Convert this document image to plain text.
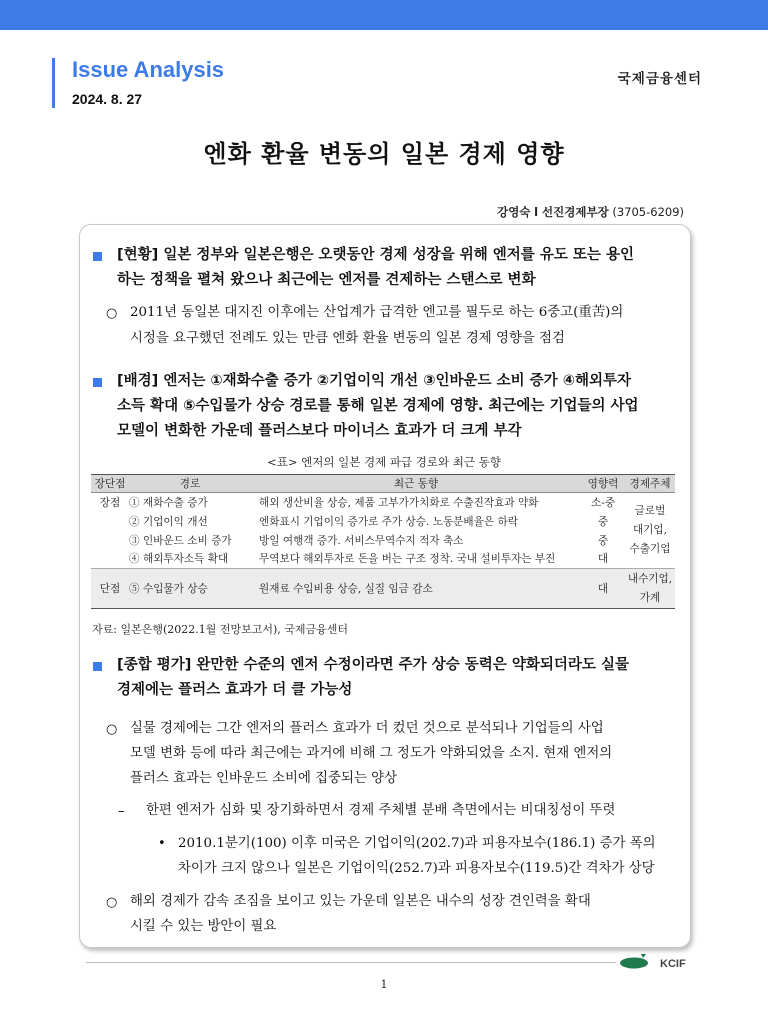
Issue Analysis
2024. 8. 27
국제금융센터
엔화 환율 변동의 일본 경제 영향
강영숙 l 선진경제부장 (3705-6209)
[현황] 일본 정부와 일본은행은 오랫동안 경제 성장을 위해 엔저를 유도 또는 용인
하는 정책을 펼쳐 왔으나 최근에는 엔저를 견제하는 스탠스로 변화
○ 2011년 동일본 대지진 이후에는 산업계가 급격한 엔고를 필두로 하는 6중고(重苦)의
시정을 요구했던 전례도 있는 만큼 엔화 환율 변동의 일본 경제 영향을 점검
[배경] 엔저는 ①재화수출 증가 ②기업이익 개선 ③인바운드 소비 증가 ④해외투자
소득 확대 ⑤수입물가 상승 경로를 통해 일본 경제에 영향. 최근에는 기업들의 사업
모델이 변화한 가운데 플러스보다 마이너스 효과가 더 크게 부각
<표> 엔저의 일본 경제 파급 경로와 최근 동향
장단점	경로	최근 동향	영향력	경제주체
장점	① 재화수출 증가	해외 생산비율 상승, 제품 고부가가치화로 수출진작효과 약화	소-중	글로벌
대기업,
수출기업

	② 기업이익 개선	엔화표시 기업이익 증가로 주가 상승. 노동분배율은 하락	중	
	③ 인바운드 소비 증가	방일 여행객 증가. 서비스무역수지 적자 축소	중	
	④ 해외투자소득 확대	무역보다 해외투자로 돈을 버는 구조 정착. 국내 설비투자는 부진	대	
단점	⑤ 수입물가 상승	원재료 수입비용 상승, 실질 임금 감소	대	내수기업,
가계
자료: 일본은행(2022.1월 전망보고서), 국제금융센터
[종합 평가] 완만한 수준의 엔저 수정이라면 주가 상승 동력은 약화되더라도 실물
경제에는 플러스 효과가 더 클 가능성
○ 실물 경제에는 그간 엔저의 플러스 효과가 더 컸던 것으로 분석되나 기업들의 사업
모델 변화 등에 따라 최근에는 과거에 비해 그 정도가 약화되었을 소지. 현재 엔저의
플러스 효과는 인바운드 소비에 집중되는 양상
– 한편 엔저가 심화 및 장기화하면서 경제 주체별 분배 측면에서는 비대칭성이 뚜렷
• 2010.1분기(100) 이후 미국은 기업이익(202.7)과 피용자보수(186.1) 증가 폭의
차이가 크지 않으나 일본은 기업이익(252.7)과 피용자보수(119.5)간 격차가 상당
○ 해외 경제가 감속 조짐을 보이고 있는 가운데 일본은 내수의 성장 견인력을 확대
시킬 수 있는 방안이 필요
KCIF
1
